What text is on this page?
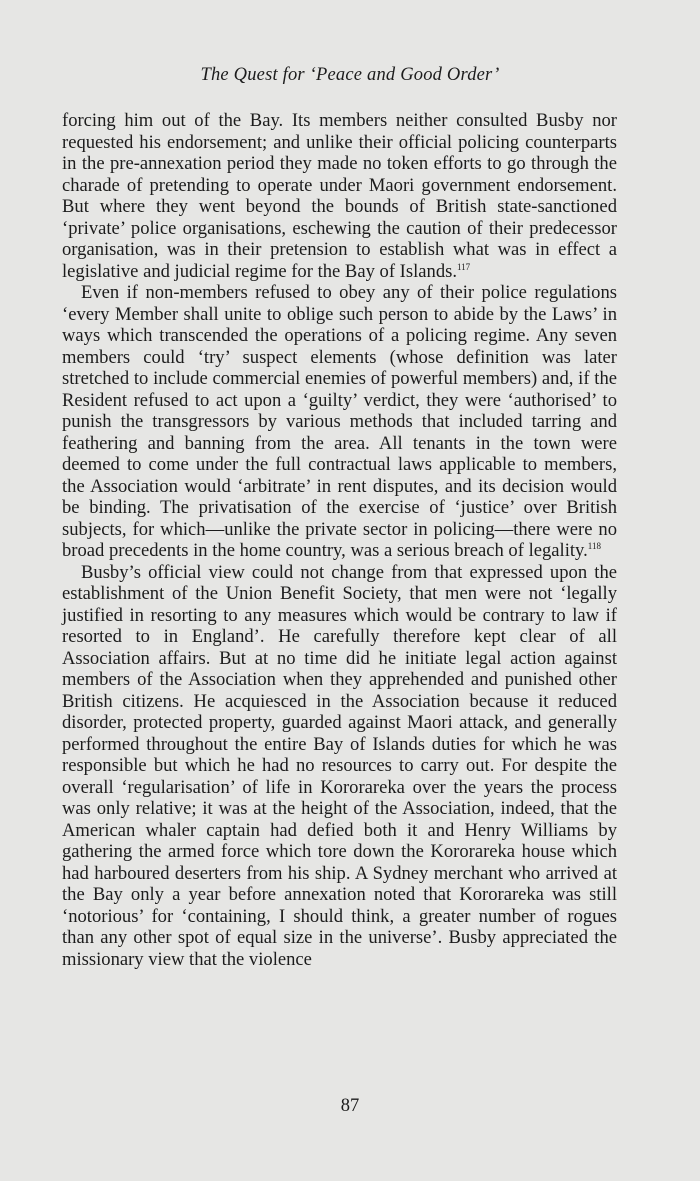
The Quest for ‘Peace and Good Order’

forcing him out of the Bay. Its members neither consulted Busby nor requested his endorsement; and unlike their official policing counterparts in the pre-annexation period they made no token efforts to go through the charade of pretending to operate under Maori government endorsement. But where they went beyond the bounds of British state-sanctioned ‘private’ police organisations, eschewing the caution of their predecessor organisation, was in their pretension to establish what was in effect a legislative and judicial regime for the Bay of Islands.$^{117}$

Even if non-members refused to obey any of their police regulations ‘every Member shall unite to oblige such person to abide by the Laws’ in ways which transcended the operations of a policing regime. Any seven members could ‘try’ suspect elements (whose definition was later stretched to include commercial enemies of powerful members) and, if the Resident refused to act upon a ‘guilty’ verdict, they were ‘authorised’ to punish the transgressors by various methods that included tarring and feathering and banning from the area. All tenants in the town were deemed to come under the full contractual laws applicable to members, the Association would ‘arbitrate’ in rent disputes, and its decision would be binding. The privatisation of the exercise of ‘justice’ over British subjects, for which—unlike the private sector in policing—there were no broad precedents in the home country, was a serious breach of legality.$^{118}$

Busby’s official view could not change from that expressed upon the establishment of the Union Benefit Society, that men were not ‘legally justified in resorting to any measures which would be contrary to law if resorted to in England’. He carefully therefore kept clear of all Association affairs. But at no time did he initiate legal action against members of the Association when they apprehended and punished other British citizens. He acquiesced in the Association because it reduced disorder, protected property, guarded against Maori attack, and generally performed throughout the entire Bay of Islands duties for which he was responsible but which he had no resources to carry out. For despite the overall ‘regularisation’ of life in Kororareka over the years the process was only relative; it was at the height of the Association, indeed, that the American whaler captain had defied both it and Henry Williams by gathering the armed force which tore down the Kororareka house which had harboured deserters from his ship. A Sydney merchant who arrived at the Bay only a year before annexation noted that Kororareka was still ‘notorious’ for ‘containing, I should think, a greater number of rogues than any other spot of equal size in the universe’. Busby appreciated the missionary view that the violence

87
